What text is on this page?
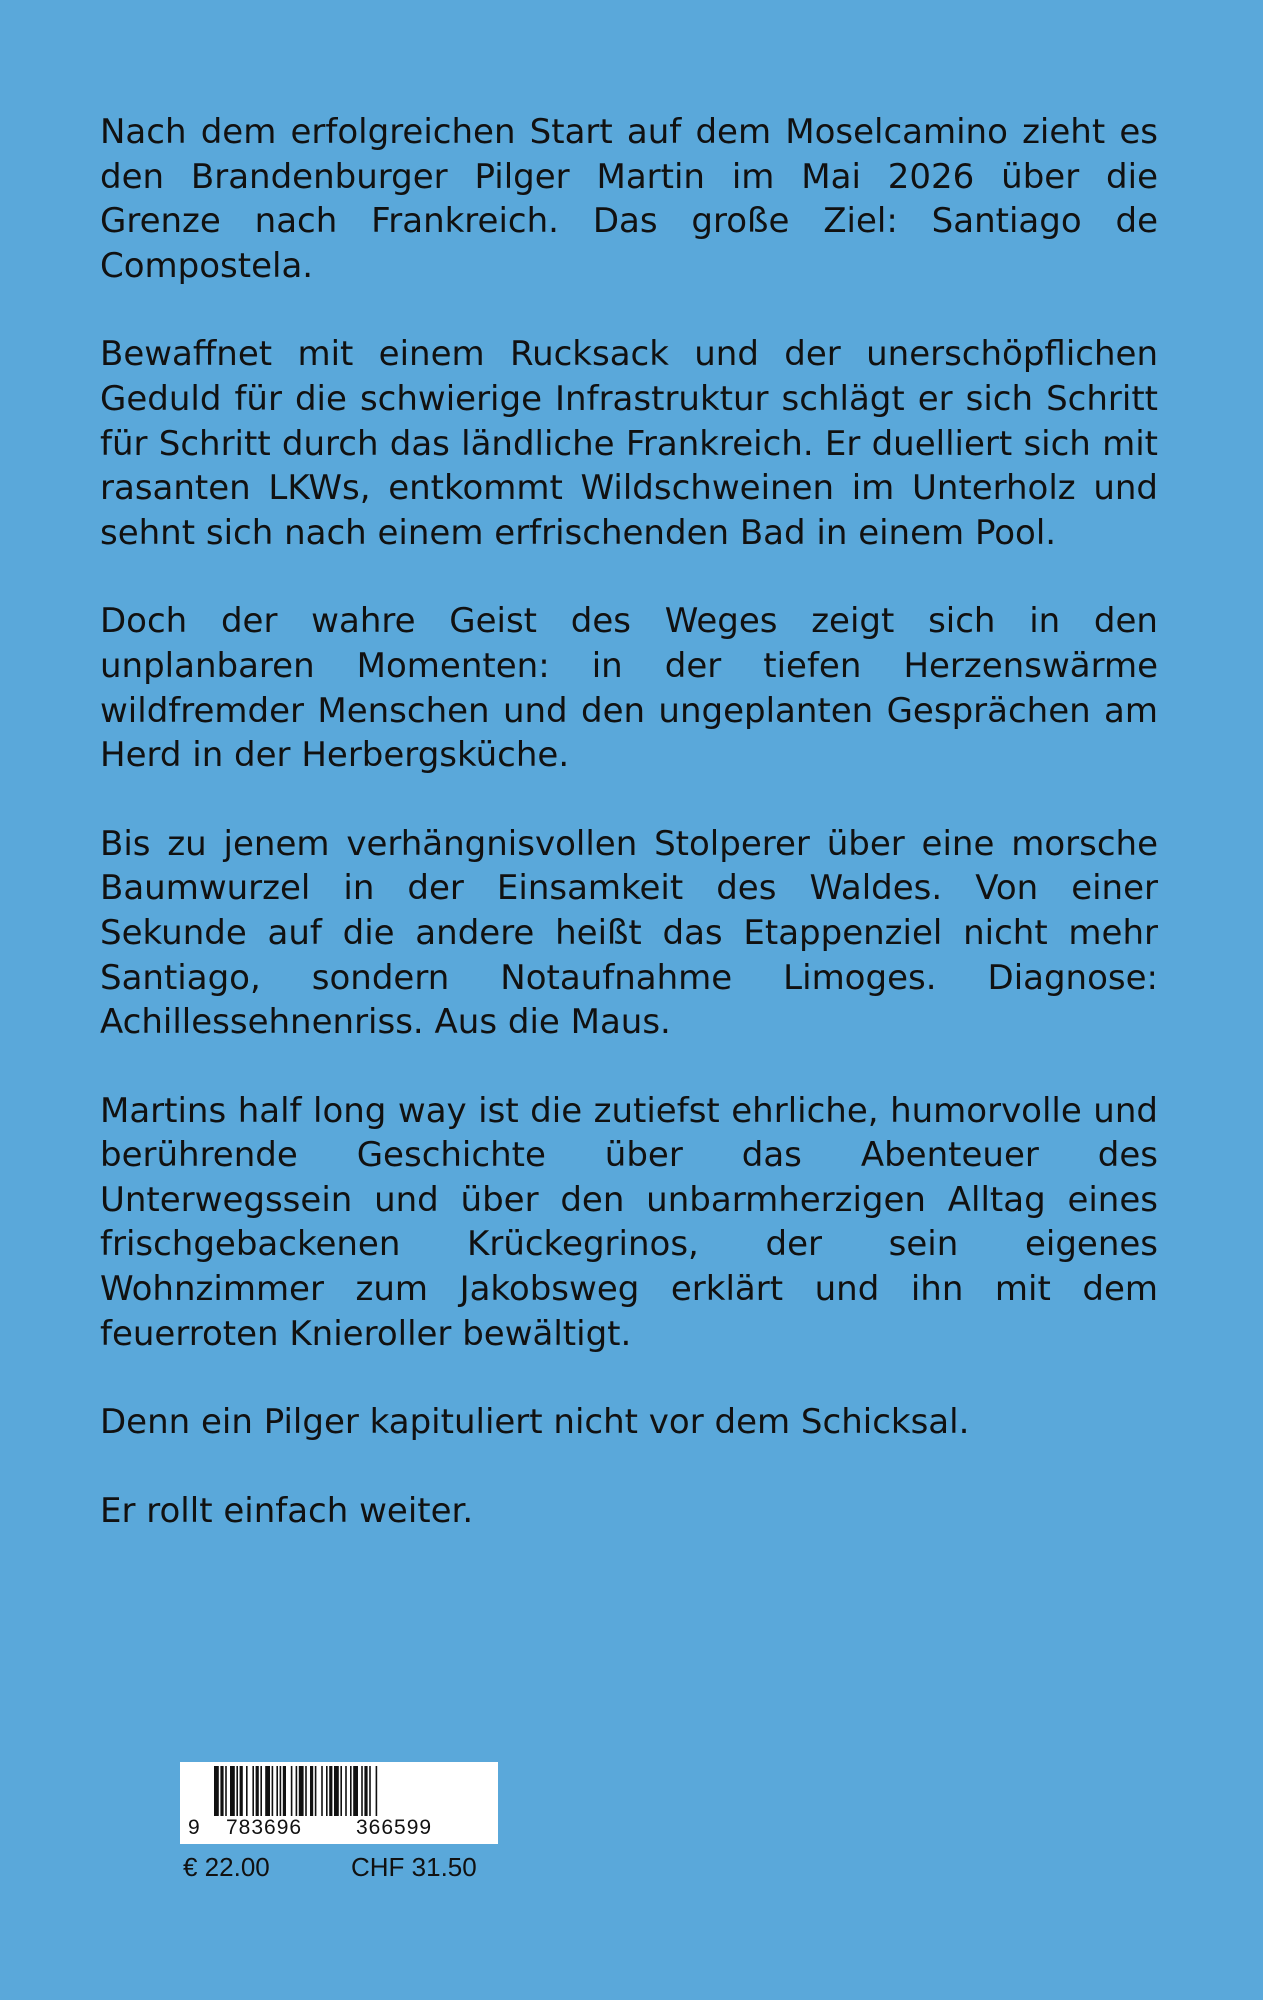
Nach dem erfolgreichen Start auf dem Moselcamino zieht es den Brandenburger Pilger Martin im Mai 2026 über die Grenze nach Frankreich. Das große Ziel: Santiago de Compostela.

Bewaffnet mit einem Rucksack und der unerschöpflichen Geduld für die schwierige Infrastruktur schlägt er sich Schritt für Schritt durch das ländliche Frankreich. Er duelliert sich mit rasanten LKWs, entkommt Wildschweinen im Unterholz und sehnt sich nach einem erfrischenden Bad in einem Pool.

Doch der wahre Geist des Weges zeigt sich in den unplanbaren Momenten: in der tiefen Herzenswärme wildfremder Menschen und den ungeplanten Gesprächen am Herd in der Herbergsküche.

Bis zu jenem verhängnisvollen Stolperer über eine morsche Baumwurzel in der Einsamkeit des Waldes. Von einer Sekunde auf die andere heißt das Etappenziel nicht mehr Santiago, sondern Notaufnahme Limoges. Diagnose: Achillessehnenriss. Aus die Maus.

Martins half long way ist die zutiefst ehrliche, humorvolle und berührende Geschichte über das Abenteuer des Unterwegssein und über den unbarmherzigen Alltag eines frischgebackenen Krückegrinos, der sein eigenes Wohnzimmer zum Jakobsweg erklärt und ihn mit dem feuerroten Knieroller bewältigt.

Denn ein Pilger kapituliert nicht vor dem Schicksal.

Er rollt einfach weiter.

9 783696	366599
€ 22.00	CHF 31.50
